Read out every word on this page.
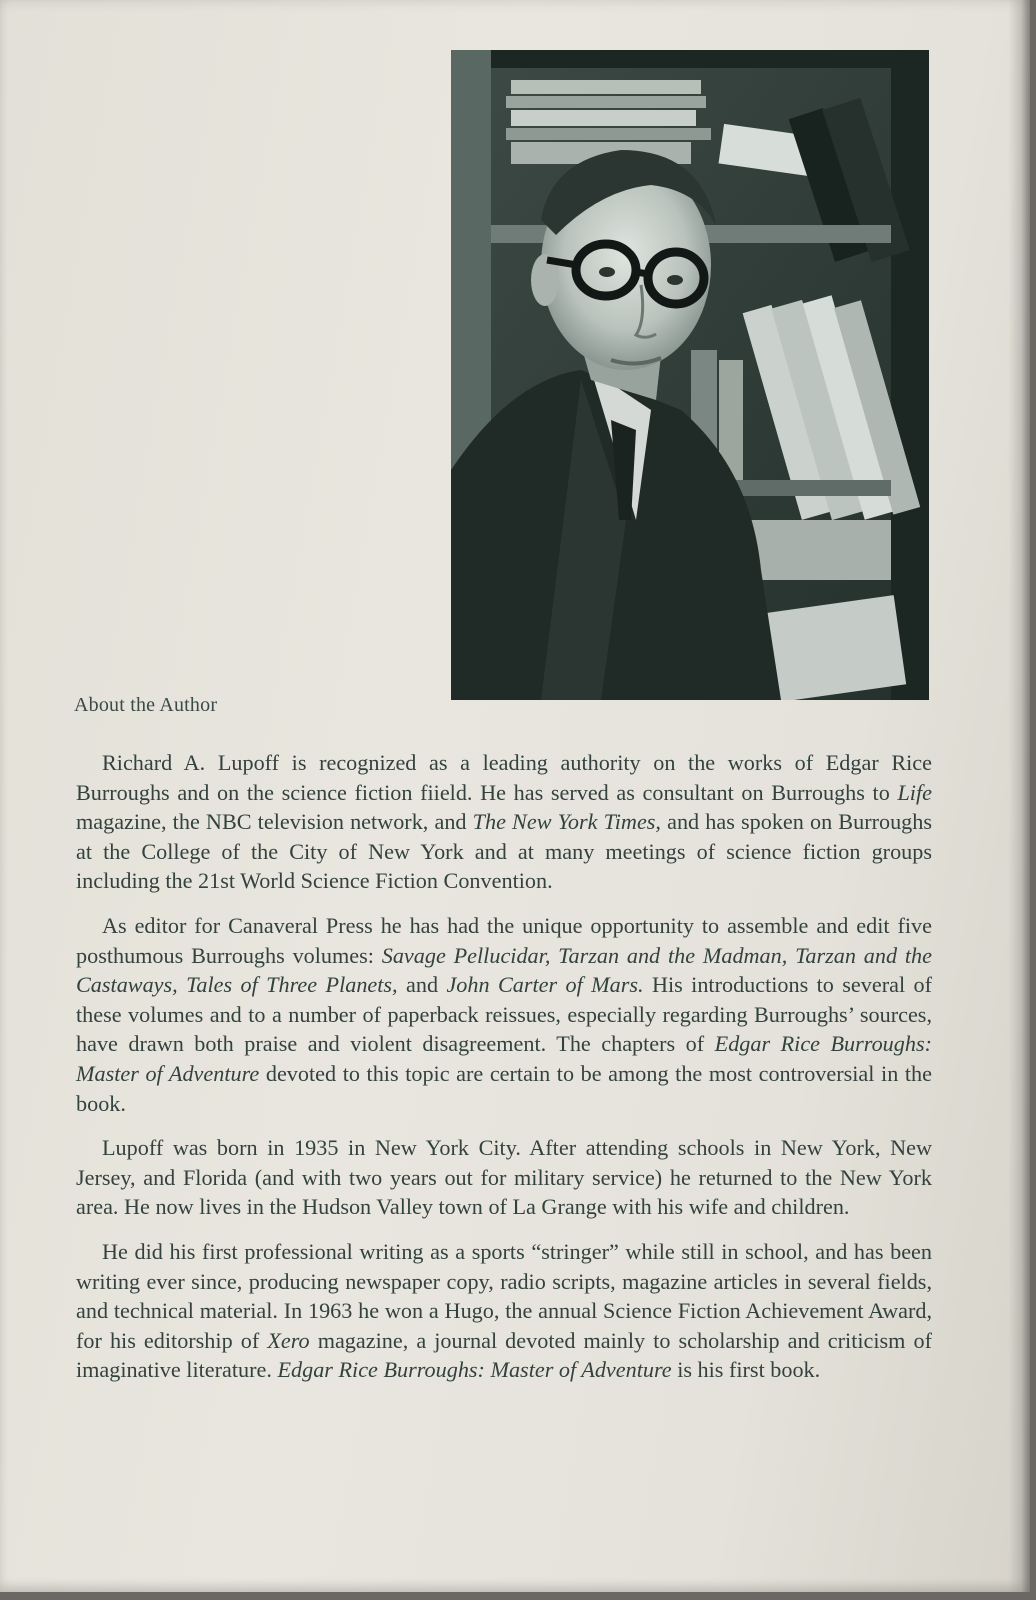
About the Author

Richard A. Lupoff is recognized as a leading authority on the works of Edgar Rice Burroughs and on the science fiction fiield. He has served as consultant on Burroughs to Life magazine, the NBC television network, and The New York Times, and has spoken on Burroughs at the College of the City of New York and at many meetings of science fiction groups including the 21st World Science Fiction Convention.

As editor for Canaveral Press he has had the unique opportunity to assemble and edit five posthumous Burroughs volumes: Savage Pellucidar, Tarzan and the Madman, Tarzan and the Castaways, Tales of Three Planets, and John Carter of Mars. His introductions to several of these volumes and to a number of paperback reissues, especially regarding Burroughs’ sources, have drawn both praise and violent disagreement. The chapters of Edgar Rice Burroughs: Master of Adventure devoted to this topic are certain to be among the most controversial in the book.

Lupoff was born in 1935 in New York City. After attending schools in New York, New Jersey, and Florida (and with two years out for military service) he returned to the New York area. He now lives in the Hudson Valley town of La Grange with his wife and children.

He did his first professional writing as a sports “stringer” while still in school, and has been writing ever since, producing newspaper copy, radio scripts, magazine articles in several fields, and technical material. In 1963 he won a Hugo, the annual Science Fiction Achievement Award, for his editorship of Xero magazine, a journal devoted mainly to scholarship and criticism of imaginative literature. Edgar Rice Burroughs: Master of Adventure is his first book.
